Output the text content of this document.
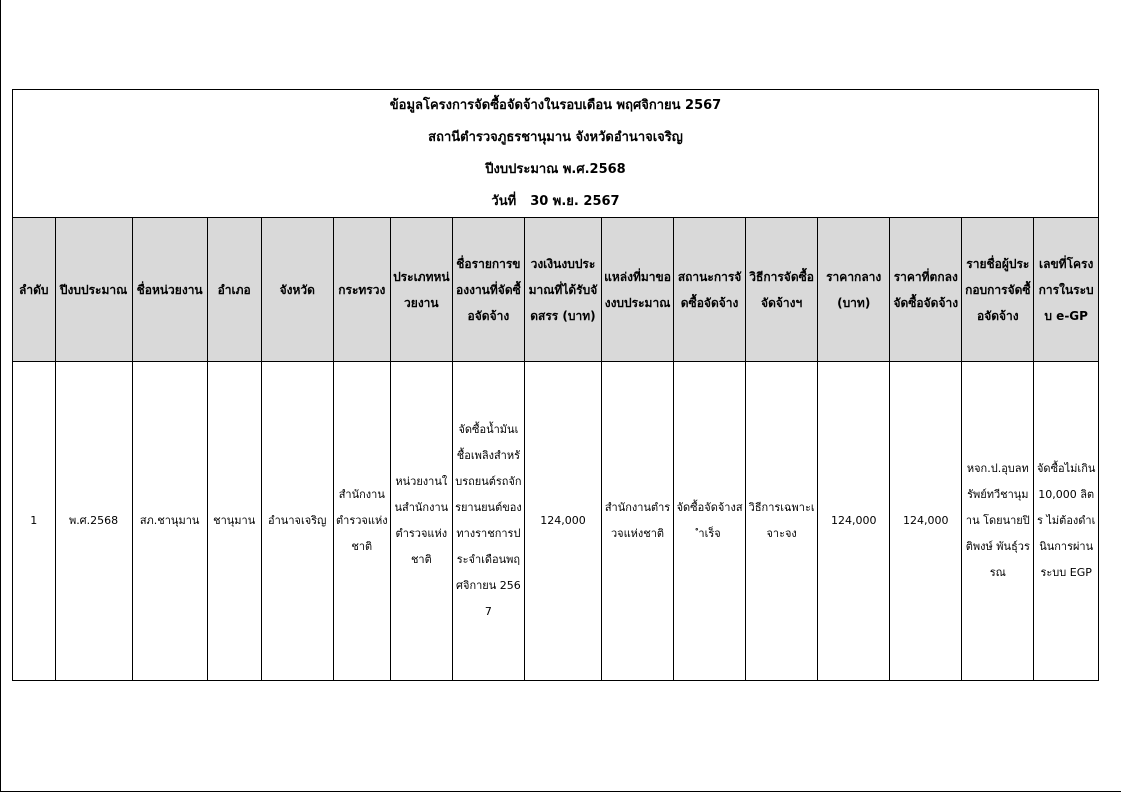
ข้อมูลโครงการจัดซื้อจัดจ้างในรอบเดือน พฤศจิกายน 2567
สถานีตำรวจภูธรชานุมาน จังหวัดอำนาจเจริญ
ปีงบประมาณ พ.ศ.2568
วันที่ 30 พ.ย. 2567
ลำดับ	ปีงบประมาณ	ชื่อหน่วยงาน	อำเภอ	จังหวัด	กระทรวง	ประเภทหน่วยงาน	ชื่อรายการของงานที่จัดซื้อจัดจ้าง	วงเงินงบประมาณที่ได้รับจัดสรร (บาท)	แหล่งที่มาของงบประมาณ	สถานะการจัดซื้อจัดจ้าง	วิธีการจัดซื้อจัดจ้างฯ	ราคากลาง (บาท)	ราคาที่ตกลงจัดซื้อจัดจ้าง	รายชื่อผู้ประกอบการจัดซื้อจัดจ้าง	เลขที่โครงการในระบบ e-GP
1	พ.ศ.2568	สภ.ชานุมาน	ชานุมาน	อำนาจเจริญ	สำนักงานตำรวจแห่งชาติ	หน่วยงานในสำนักงานตำรวจแห่งชาติ	จัดซื้อน้ำมันเชื้อเพลิงสำหรับรถยนต์รถจักรยานยนต์ของทางราชการประจำเดือนพฤศจิกายน 2567	124,000	สำนักงานตำรวจแห่งชาติ	จัดซื้อจัดจ้างสำเร็จ	วิธีการเฉพาะเจาะจง	124,000	124,000	หจก.ป.อุบลทรัพย์ทวีชานุมาน โดยนายปิติพงษ์ พันธุ์วรรณ	จัดซื้อไม่เกิน 10,000 ลิตร ไม่ต้องดำเนินการผ่านระบบ EGP
